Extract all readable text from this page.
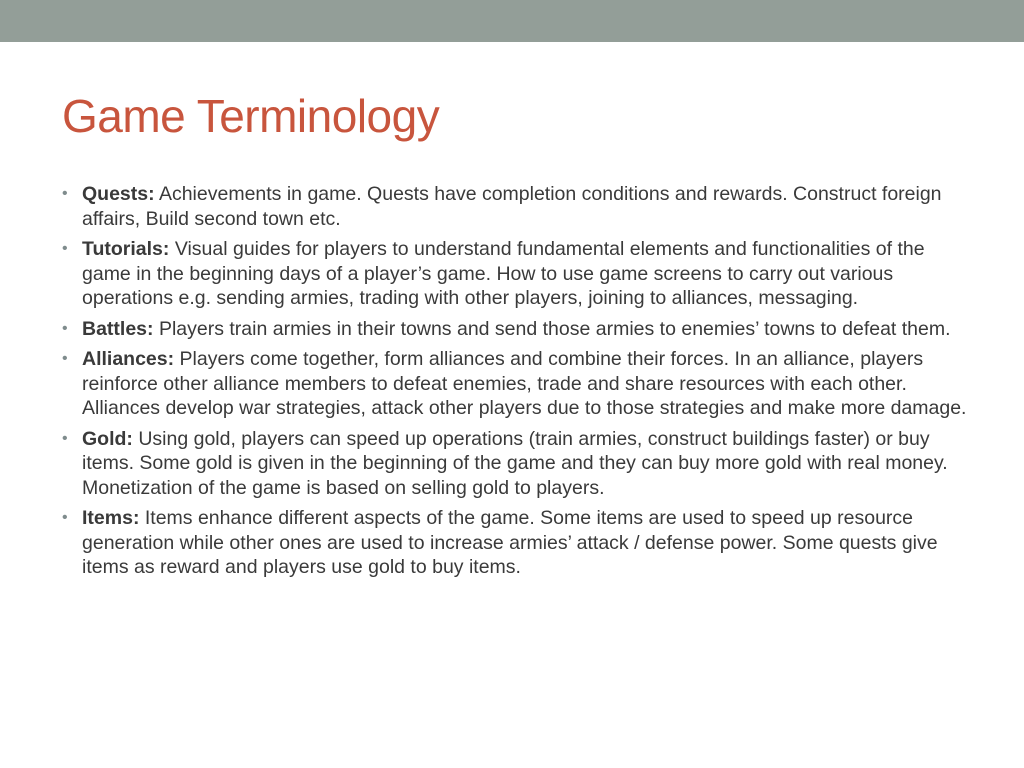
Game Terminology
• Quests: Achievements in game. Quests have completion conditions and rewards. Construct foreign affairs, Build second town etc.
• Tutorials: Visual guides for players to understand fundamental elements and functionalities of the game in the beginning days of a player’s game. How to use game screens to carry out various operations e.g. sending armies, trading with other players, joining to alliances, messaging.
• Battles: Players train armies in their towns and send those armies to enemies’ towns to defeat them.
• Alliances: Players come together, form alliances and combine their forces. In an alliance, players reinforce other alliance members to defeat enemies, trade and share resources with each other. Alliances develop war strategies, attack other players due to those strategies and make more damage.
• Gold: Using gold, players can speed up operations (train armies, construct buildings faster) or buy items. Some gold is given in the beginning of the game and they can buy more gold with real money. Monetization of the game is based on selling gold to players.
• Items: Items enhance different aspects of the game. Some items are used to speed up resource generation while other ones are used to increase armies’ attack / defense power. Some quests give items as reward and players use gold to buy items.
